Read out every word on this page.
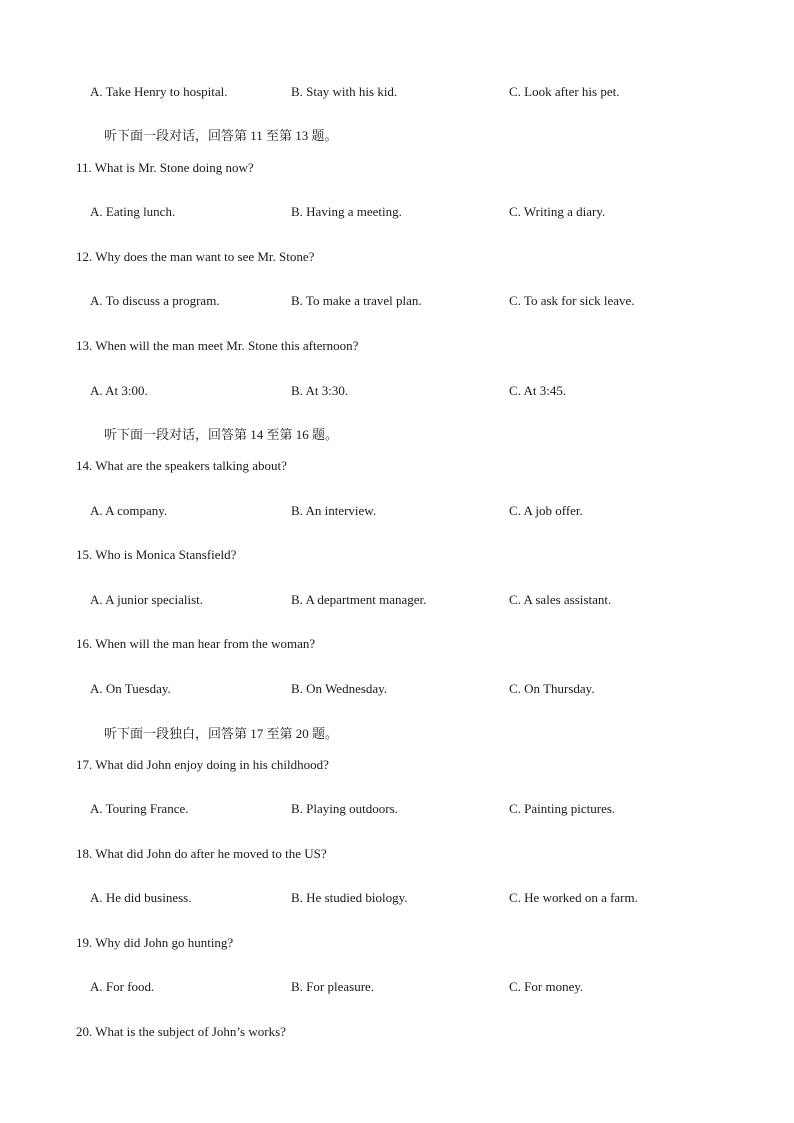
A. Take Henry to hospital.	B. Stay with his kid.	C. Look after his pet.
听下面一段对话，回答第 11 至第 13 题。
11. What is Mr. Stone doing now?
A. Eating lunch.	B. Having a meeting.	C. Writing a diary.
12. Why does the man want to see Mr. Stone?
A. To discuss a program.	B. To make a travel plan.	C. To ask for sick leave.
13. When will the man meet Mr. Stone this afternoon?
A. At 3:00.	B. At 3:30.	C. At 3:45.
听下面一段对话，回答第 14 至第 16 题。
14. What are the speakers talking about?
A. A company.	B. An interview.	C. A job offer.
15. Who is Monica Stansfield?
A. A junior specialist.	B. A department manager.	C. A sales assistant.
16. When will the man hear from the woman?
A. On Tuesday.	B. On Wednesday.	C. On Thursday.
听下面一段独白，回答第 17 至第 20 题。
17. What did John enjoy doing in his childhood?
A. Touring France.	B. Playing outdoors.	C. Painting pictures.
18. What did John do after he moved to the US?
A. He did business.	B. He studied biology.	C. He worked on a farm.
19. Why did John go hunting?
A. For food.	B. For pleasure.	C. For money.
20. What is the subject of John’s works?
